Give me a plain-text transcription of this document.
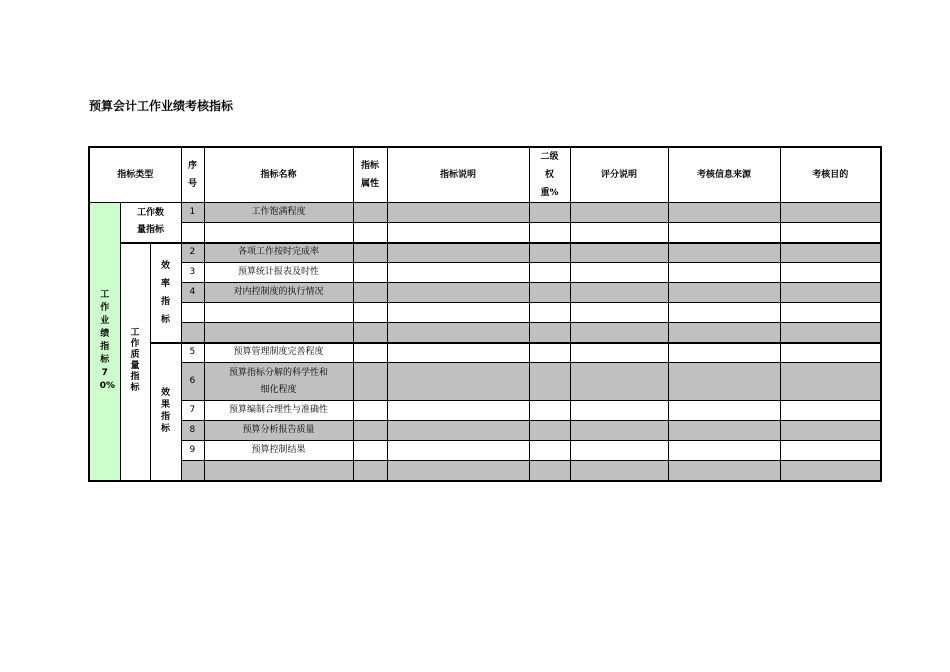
预算会计工作业绩考核指标
指标类型			序号	指标名称	指标属性	指标说明	二级权重%	评分说明	考核信息来源	考核目的
工作业绩指标70%	工作数量指标		1	工作饱满程度						

	工作质量指标	效率指标	2	各项工作按时完成率						
			3	预算统计报表及时性						
			4	对内控制度的执行情况						

		效果指标	5	预算管理制度完善程度						
			6	预算指标分解的科学性和细化程度						
			7	预算编制合理性与准确性						
			8	预算分析报告质量						
			9	预算控制结果						
